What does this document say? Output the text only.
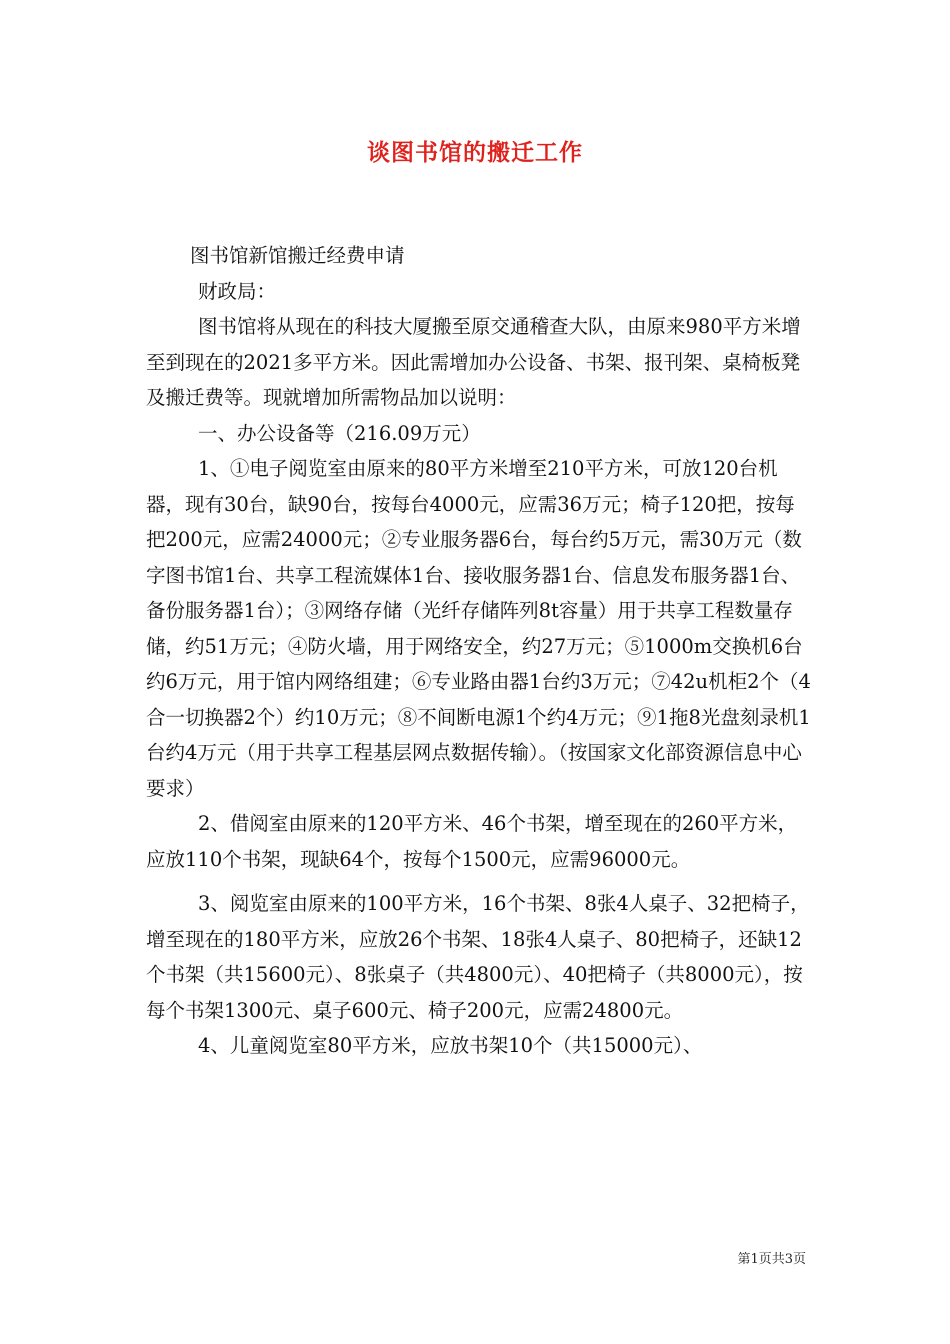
谈图书馆的搬迁工作

图书馆新馆搬迁经费申请

财政局：

图书馆将从现在的科技大厦搬至原交通稽查大队，由原来980平方米增至到现在的2021多平方米。因此需增加办公设备、书架、报刊架、桌椅板凳及搬迁费等。现就增加所需物品加以说明：

一、办公设备等（216.09万元）

1、①电子阅览室由原来的80平方米增至210平方米，可放120台机器，现有30台，缺90台，按每台4000元，应需36万元；椅子120把，按每把200元，应需24000元；②专业服务器6台，每台约5万元，需30万元（数字图书馆1台、共享工程流媒体1台、接收服务器1台、信息发布服务器1台、备份服务器1台）；③网络存储（光纤存储阵列8t容量）用于共享工程数量存储，约51万元；④防火墙，用于网络安全，约27万元；⑤1000m交换机6台约6万元，用于馆内网络组建；⑥专业路由器1台约3万元；⑦42u机柜2个（4合一切换器2个）约10万元；⑧不间断电源1个约4万元；⑨1拖8光盘刻录机1台约4万元（用于共享工程基层网点数据传输）。（按国家文化部资源信息中心要求）

2、借阅室由原来的120平方米、46个书架，增至现在的260平方米，应放110个书架，现缺64个，按每个1500元，应需96000元。

3、阅览室由原来的100平方米，16个书架、8张4人桌子、32把椅子，增至现在的180平方米，应放26个书架、18张4人桌子、80把椅子，还缺12个书架（共15600元）、8张桌子（共4800元）、40把椅子（共8000元），按每个书架1300元、桌子600元、椅子200元，应需24800元。

4、儿童阅览室80平方米，应放书架10个（共15000元）、

第1页共3页
